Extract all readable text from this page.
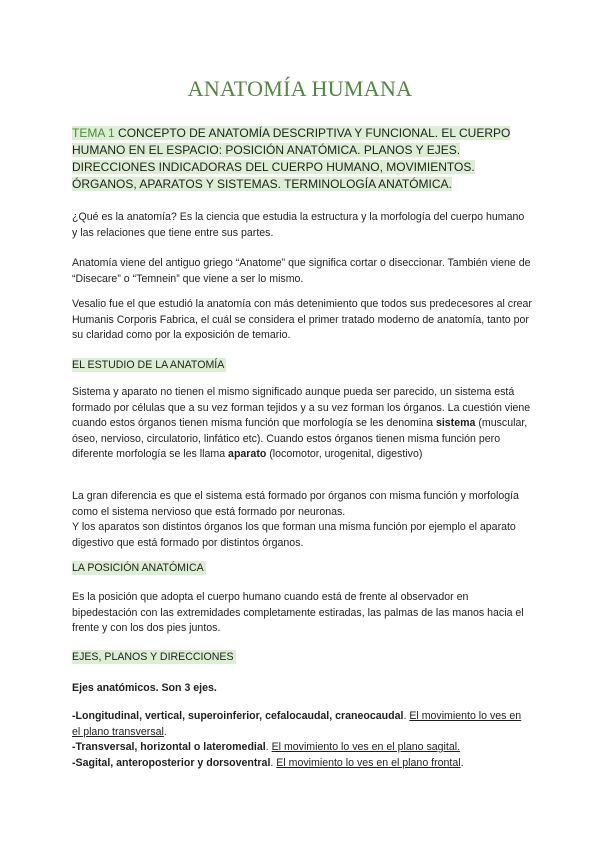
ANATOMÍA HUMANA
TEMA 1 CONCEPTO DE ANATOMÍA DESCRIPTIVA Y FUNCIONAL. EL CUERPO HUMANO EN EL ESPACIO: POSICIÓN ANATÓMICA. PLANOS Y EJES. DIRECCIONES INDICADORAS DEL CUERPO HUMANO, MOVIMIENTOS. ÓRGANOS, APARATOS Y SISTEMAS. TERMINOLOGÍA ANATÓMICA.

¿Qué es la anatomía? Es la ciencia que estudia la estructura y la morfología del cuerpo humano y las relaciones que tiene entre sus partes.

Anatomía viene del antiguo griego “Anatome” que significa cortar o diseccionar. También viene de “Disecare” o “Temnein” que viene a ser lo mismo.

Vesalio fue el que estudió la anatomía con más detenimiento que todos sus predecesores al crear Humanis Corporis Fabrica, el cuál se considera el primer tratado moderno de anatomía, tanto por su claridad como por la exposición de temario.

EL ESTUDIO DE LA ANATOMÍA

Sistema y aparato no tienen el mismo significado aunque pueda ser parecido, un sistema está formado por células que a su vez forman tejidos y a su vez forman los órganos. La cuestión viene cuando estos órganos tienen misma función que morfología se les denomina sistema (muscular, óseo, nervioso, circulatorio, linfático etc). Cuando estos órganos tienen misma función pero diferente morfología se les llama aparato (locomotor, urogenital, digestivo)

La gran diferencia es que el sistema está formado por órganos con misma función y morfología como el sistema nervioso que está formado por neuronas.

Y los aparatos son distintos órganos los que forman una misma función por ejemplo el aparato digestivo que está formado por distintos órganos.

LA POSICIÓN ANATÓMICA

Es la posición que adopta el cuerpo humano cuando está de frente al observador en bipedestación con las extremidades completamente estiradas, las palmas de las manos hacia el frente y con los dos pies juntos.

EJES, PLANOS Y DIRECCIONES

Ejes anatómicos. Son 3 ejes.

-Longitudinal, vertical, superoinferior, cefalocaudal, craneocaudal. El movimiento lo ves en el plano transversal.

-Transversal, horizontal o lateromedial. El movimiento lo ves en el plano sagital.

-Sagital, anteroposterior y dorsoventral. El movimiento lo ves en el plano frontal.
